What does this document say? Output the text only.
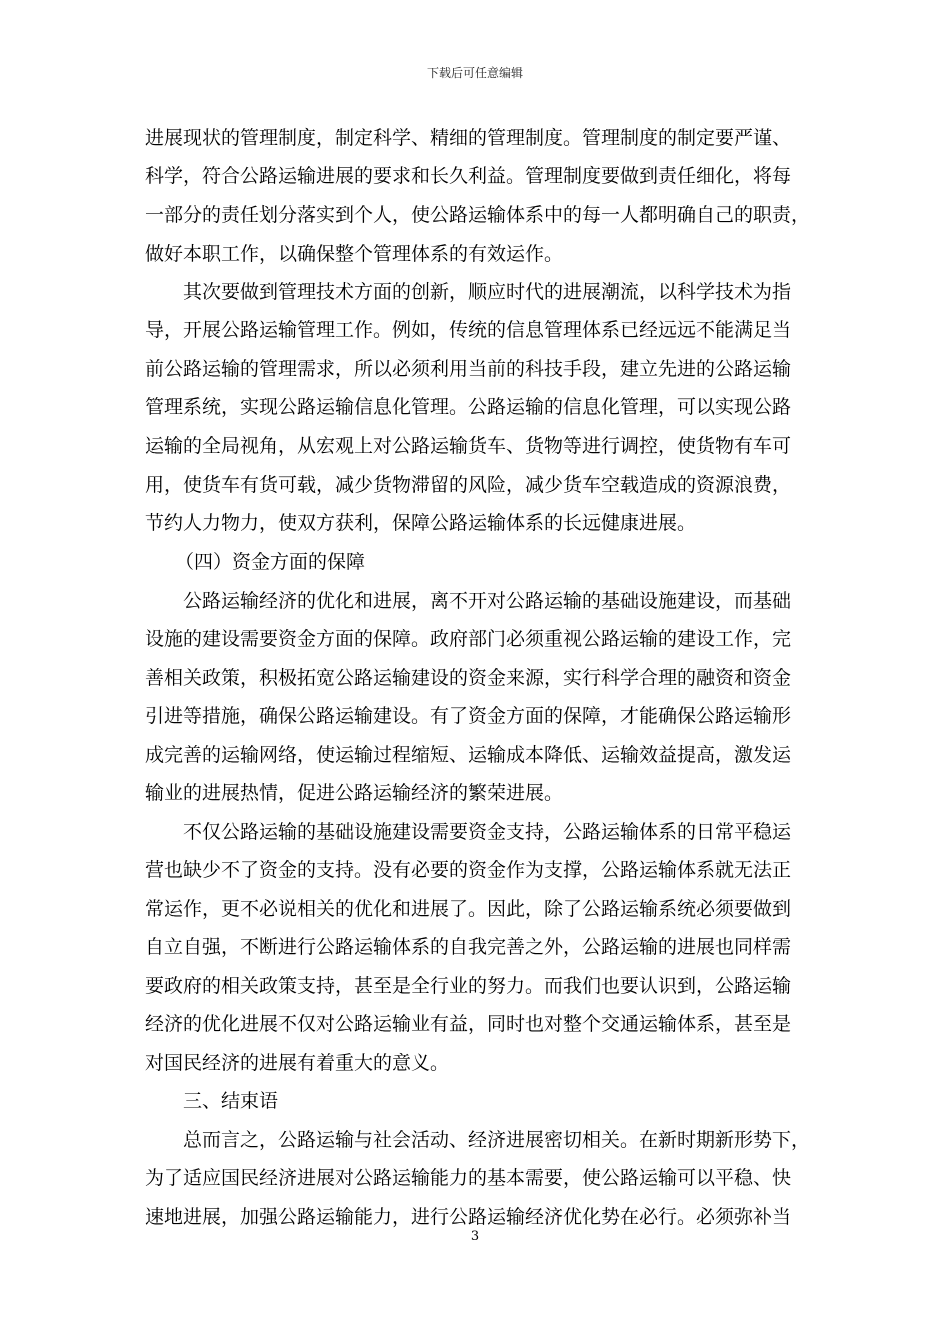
下载后可任意编辑
进展现状的管理制度，制定科学、精细的管理制度。管理制度的制定要严谨、
科学，符合公路运输进展的要求和长久利益。管理制度要做到责任细化，将每
一部分的责任划分落实到个人，使公路运输体系中的每一人都明确自己的职责，
做好本职工作，以确保整个管理体系的有效运作。
其次要做到管理技术方面的创新，顺应时代的进展潮流，以科学技术为指
导，开展公路运输管理工作。例如，传统的信息管理体系已经远远不能满足当
前公路运输的管理需求，所以必须利用当前的科技手段，建立先进的公路运输
管理系统，实现公路运输信息化管理。公路运输的信息化管理，可以实现公路
运输的全局视角，从宏观上对公路运输货车、货物等进行调控，使货物有车可
用，使货车有货可载，减少货物滞留的风险，减少货车空载造成的资源浪费，
节约人力物力，使双方获利，保障公路运输体系的长远健康进展。
（四）资金方面的保障
公路运输经济的优化和进展，离不开对公路运输的基础设施建设，而基础
设施的建设需要资金方面的保障。政府部门必须重视公路运输的建设工作，完
善相关政策，积极拓宽公路运输建设的资金来源，实行科学合理的融资和资金
引进等措施，确保公路运输建设。有了资金方面的保障，才能确保公路运输形
成完善的运输网络，使运输过程缩短、运输成本降低、运输效益提高，激发运
输业的进展热情，促进公路运输经济的繁荣进展。
不仅公路运输的基础设施建设需要资金支持，公路运输体系的日常平稳运
营也缺少不了资金的支持。没有必要的资金作为支撑，公路运输体系就无法正
常运作，更不必说相关的优化和进展了。因此，除了公路运输系统必须要做到
自立自强，不断进行公路运输体系的自我完善之外，公路运输的进展也同样需
要政府的相关政策支持，甚至是全行业的努力。而我们也要认识到，公路运输
经济的优化进展不仅对公路运输业有益，同时也对整个交通运输体系，甚至是
对国民经济的进展有着重大的意义。
三、结束语
总而言之，公路运输与社会活动、经济进展密切相关。在新时期新形势下，
为了适应国民经济进展对公路运输能力的基本需要，使公路运输可以平稳、快
速地进展，加强公路运输能力，进行公路运输经济优化势在必行。必须弥补当
3
